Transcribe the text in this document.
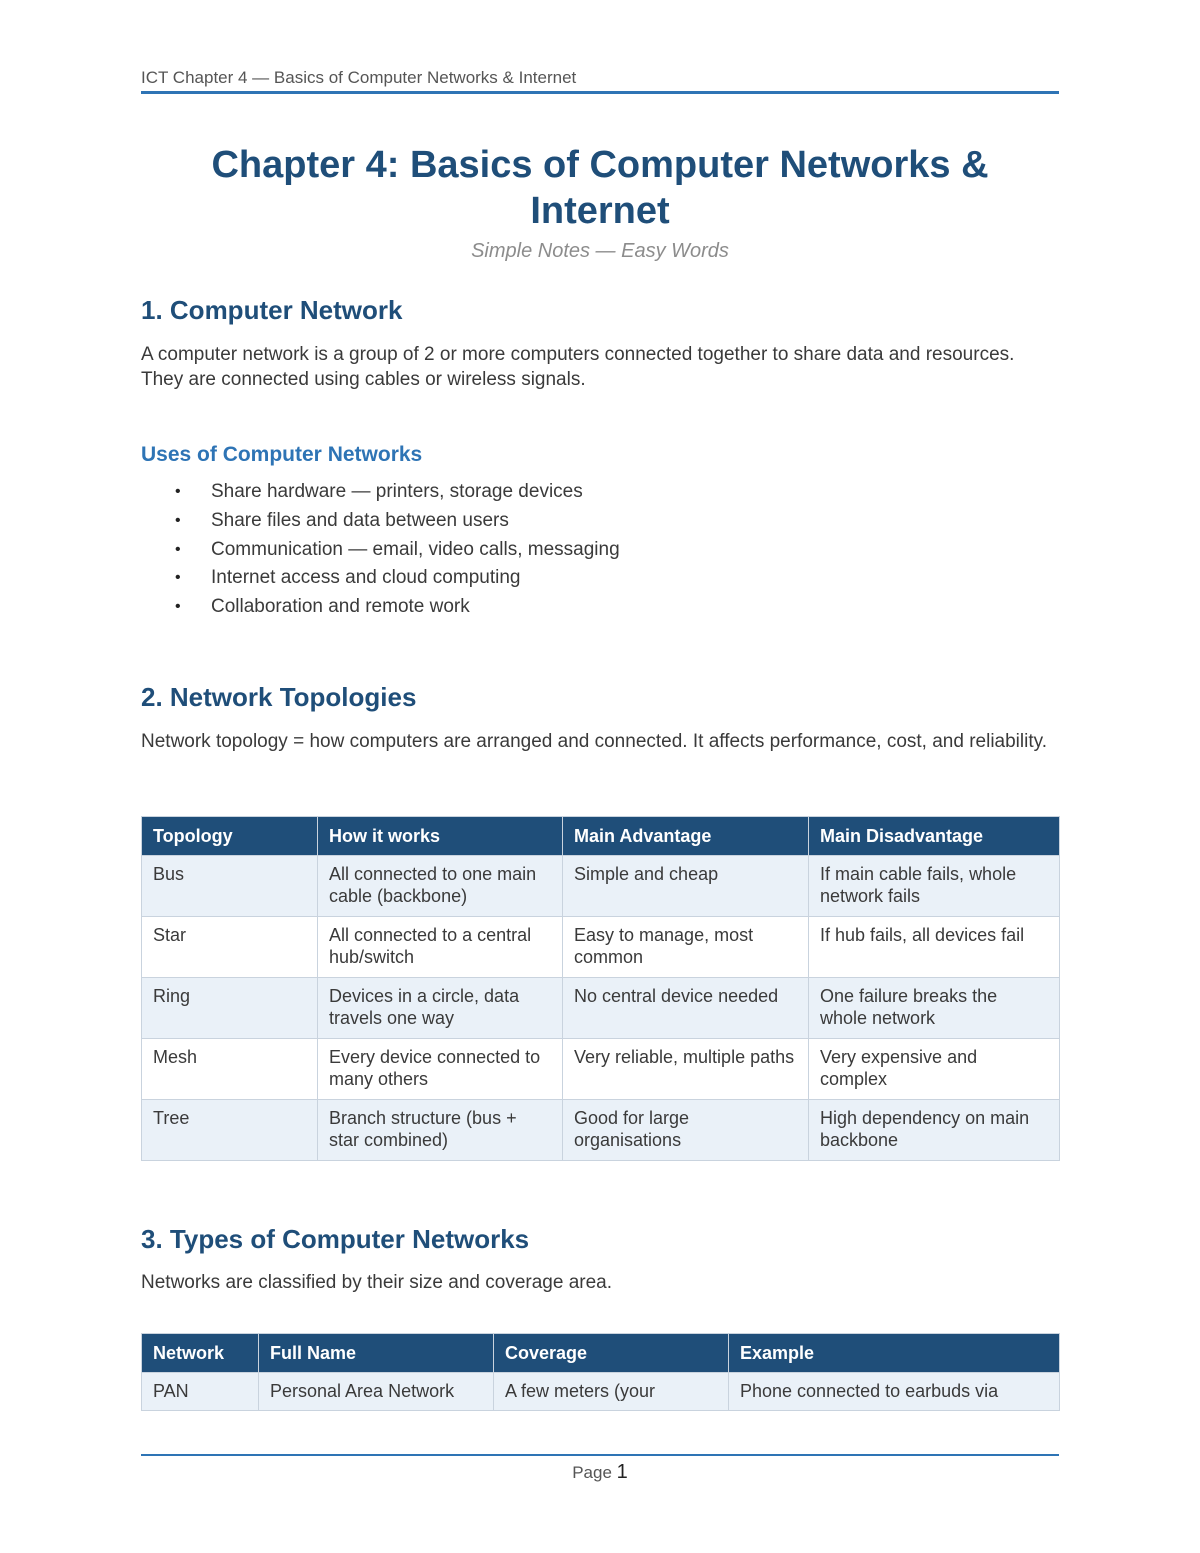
ICT Chapter 4 — Basics of Computer Networks & Internet
Chapter 4: Basics of Computer Networks & Internet
Simple Notes — Easy Words
1. Computer Network
A computer network is a group of 2 or more computers connected together to share data and resources. They are connected using cables or wireless signals.
Uses of Computer Networks
• Share hardware — printers, storage devices
• Share files and data between users
• Communication — email, video calls, messaging
• Internet access and cloud computing
• Collaboration and remote work
2. Network Topologies
Network topology = how computers are arranged and connected. It affects performance, cost, and reliability.
Topology	How it works	Main Advantage	Main Disadvantage
Bus	All connected to one main cable (backbone)	Simple and cheap	If main cable fails, whole network fails
Star	All connected to a central hub/switch	Easy to manage, most common	If hub fails, all devices fail
Ring	Devices in a circle, data travels one way	No central device needed	One failure breaks the whole network
Mesh	Every device connected to many others	Very reliable, multiple paths	Very expensive and complex
Tree	Branch structure (bus + star combined)	Good for large organisations	High dependency on main backbone
3. Types of Computer Networks
Networks are classified by their size and coverage area.
Network	Full Name	Coverage	Example
PAN	Personal Area Network	A few meters (your	Phone connected to earbuds via
Page 1
